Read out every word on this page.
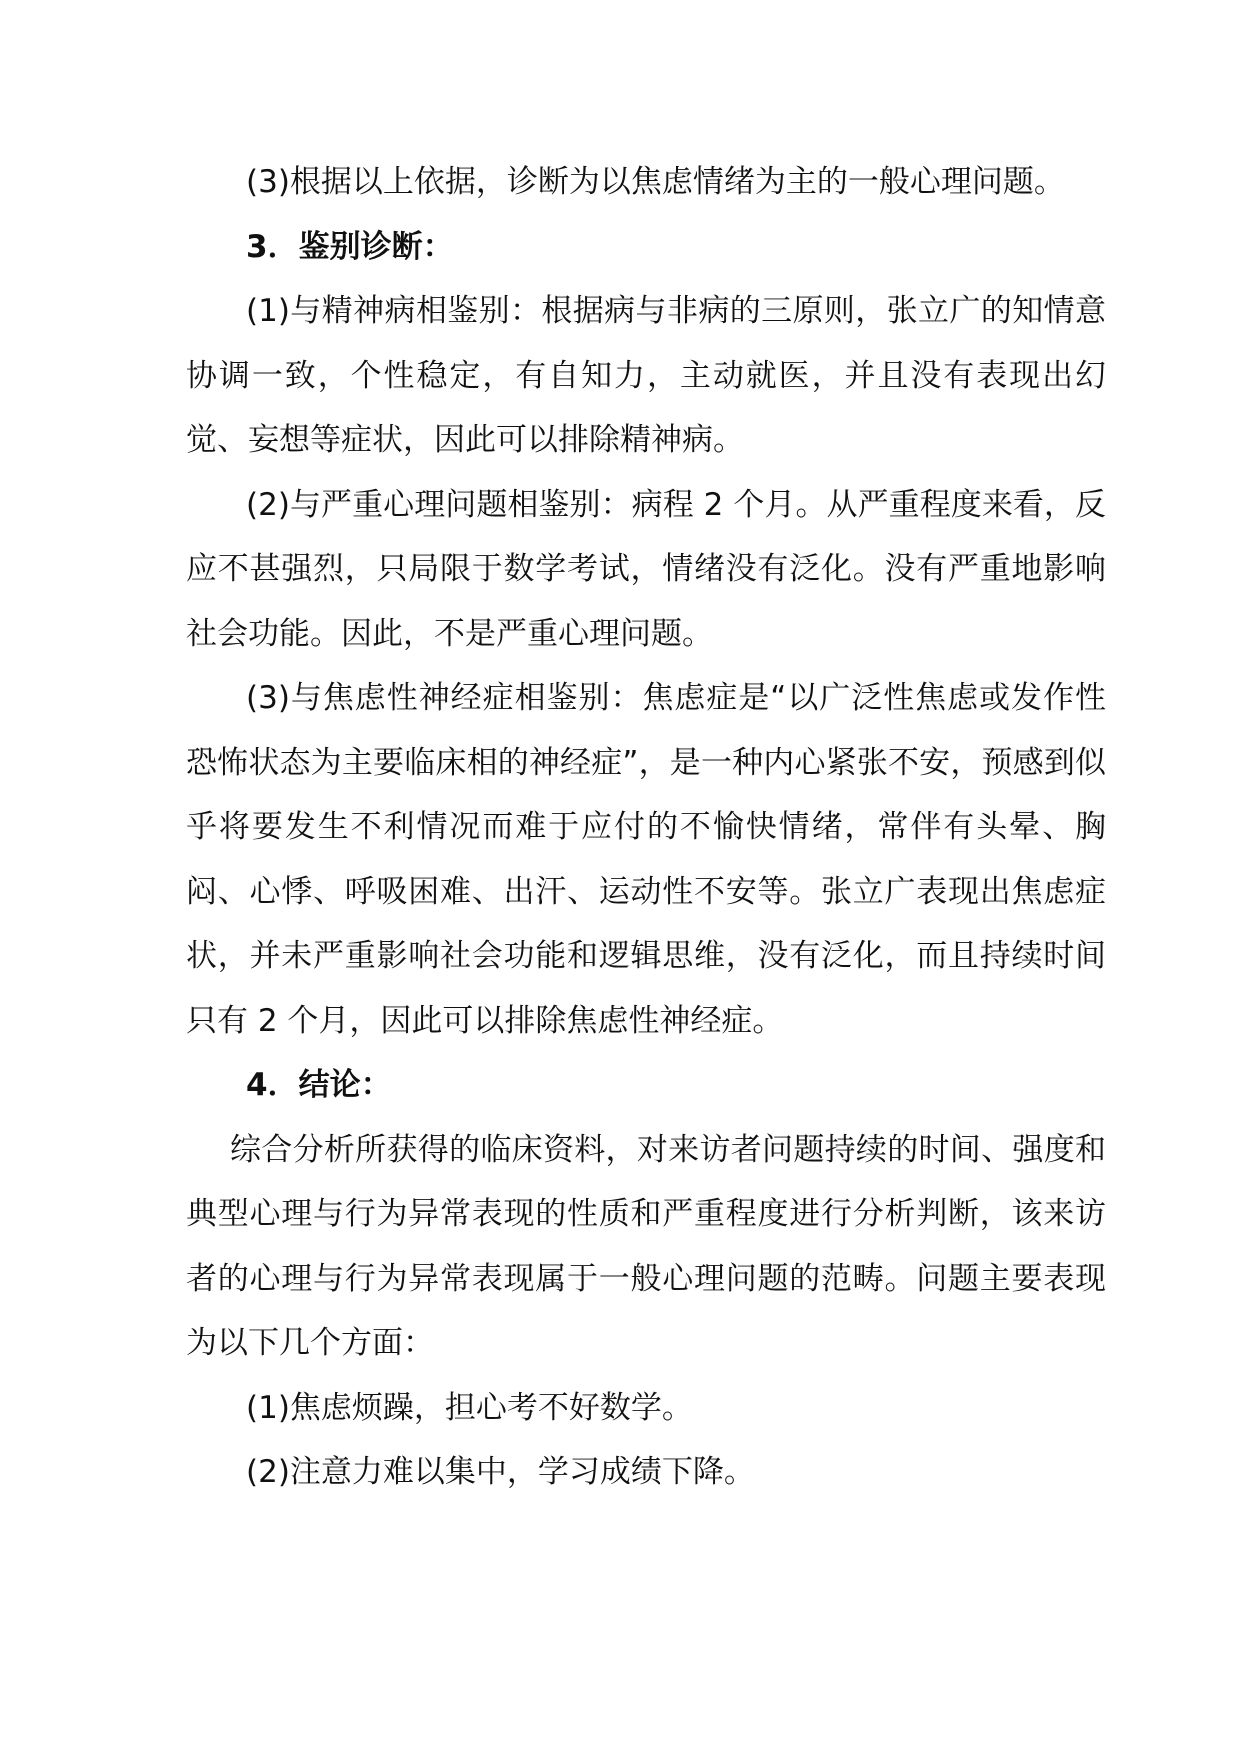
(3)根据以上依据，诊断为以焦虑情绪为主的一般心理问题。

3．鉴别诊断：

(1)与精神病相鉴别：根据病与非病的三原则，张立广的知情意协调一致，个性稳定，有自知力，主动就医，并且没有表现出幻觉、妄想等症状，因此可以排除精神病。

(2)与严重心理问题相鉴别：病程 2 个月。从严重程度来看，反应不甚强烈，只局限于数学考试，情绪没有泛化。没有严重地影响社会功能。因此，不是严重心理问题。

(3)与焦虑性神经症相鉴别：焦虑症是“以广泛性焦虑或发作性恐怖状态为主要临床相的神经症”，是一种内心紧张不安，预感到似乎将要发生不利情况而难于应付的不愉快情绪，常伴有头晕、胸闷、心悸、呼吸困难、出汗、运动性不安等。张立广表现出焦虑症状，并未严重影响社会功能和逻辑思维，没有泛化，而且持续时间只有 2 个月，因此可以排除焦虑性神经症。

4．结论：

综合分析所获得的临床资料，对来访者问题持续的时间、强度和典型心理与行为异常表现的性质和严重程度进行分析判断，该来访者的心理与行为异常表现属于一般心理问题的范畴。问题主要表现为以下几个方面：

(1)焦虑烦躁，担心考不好数学。

(2)注意力难以集中，学习成绩下降。
